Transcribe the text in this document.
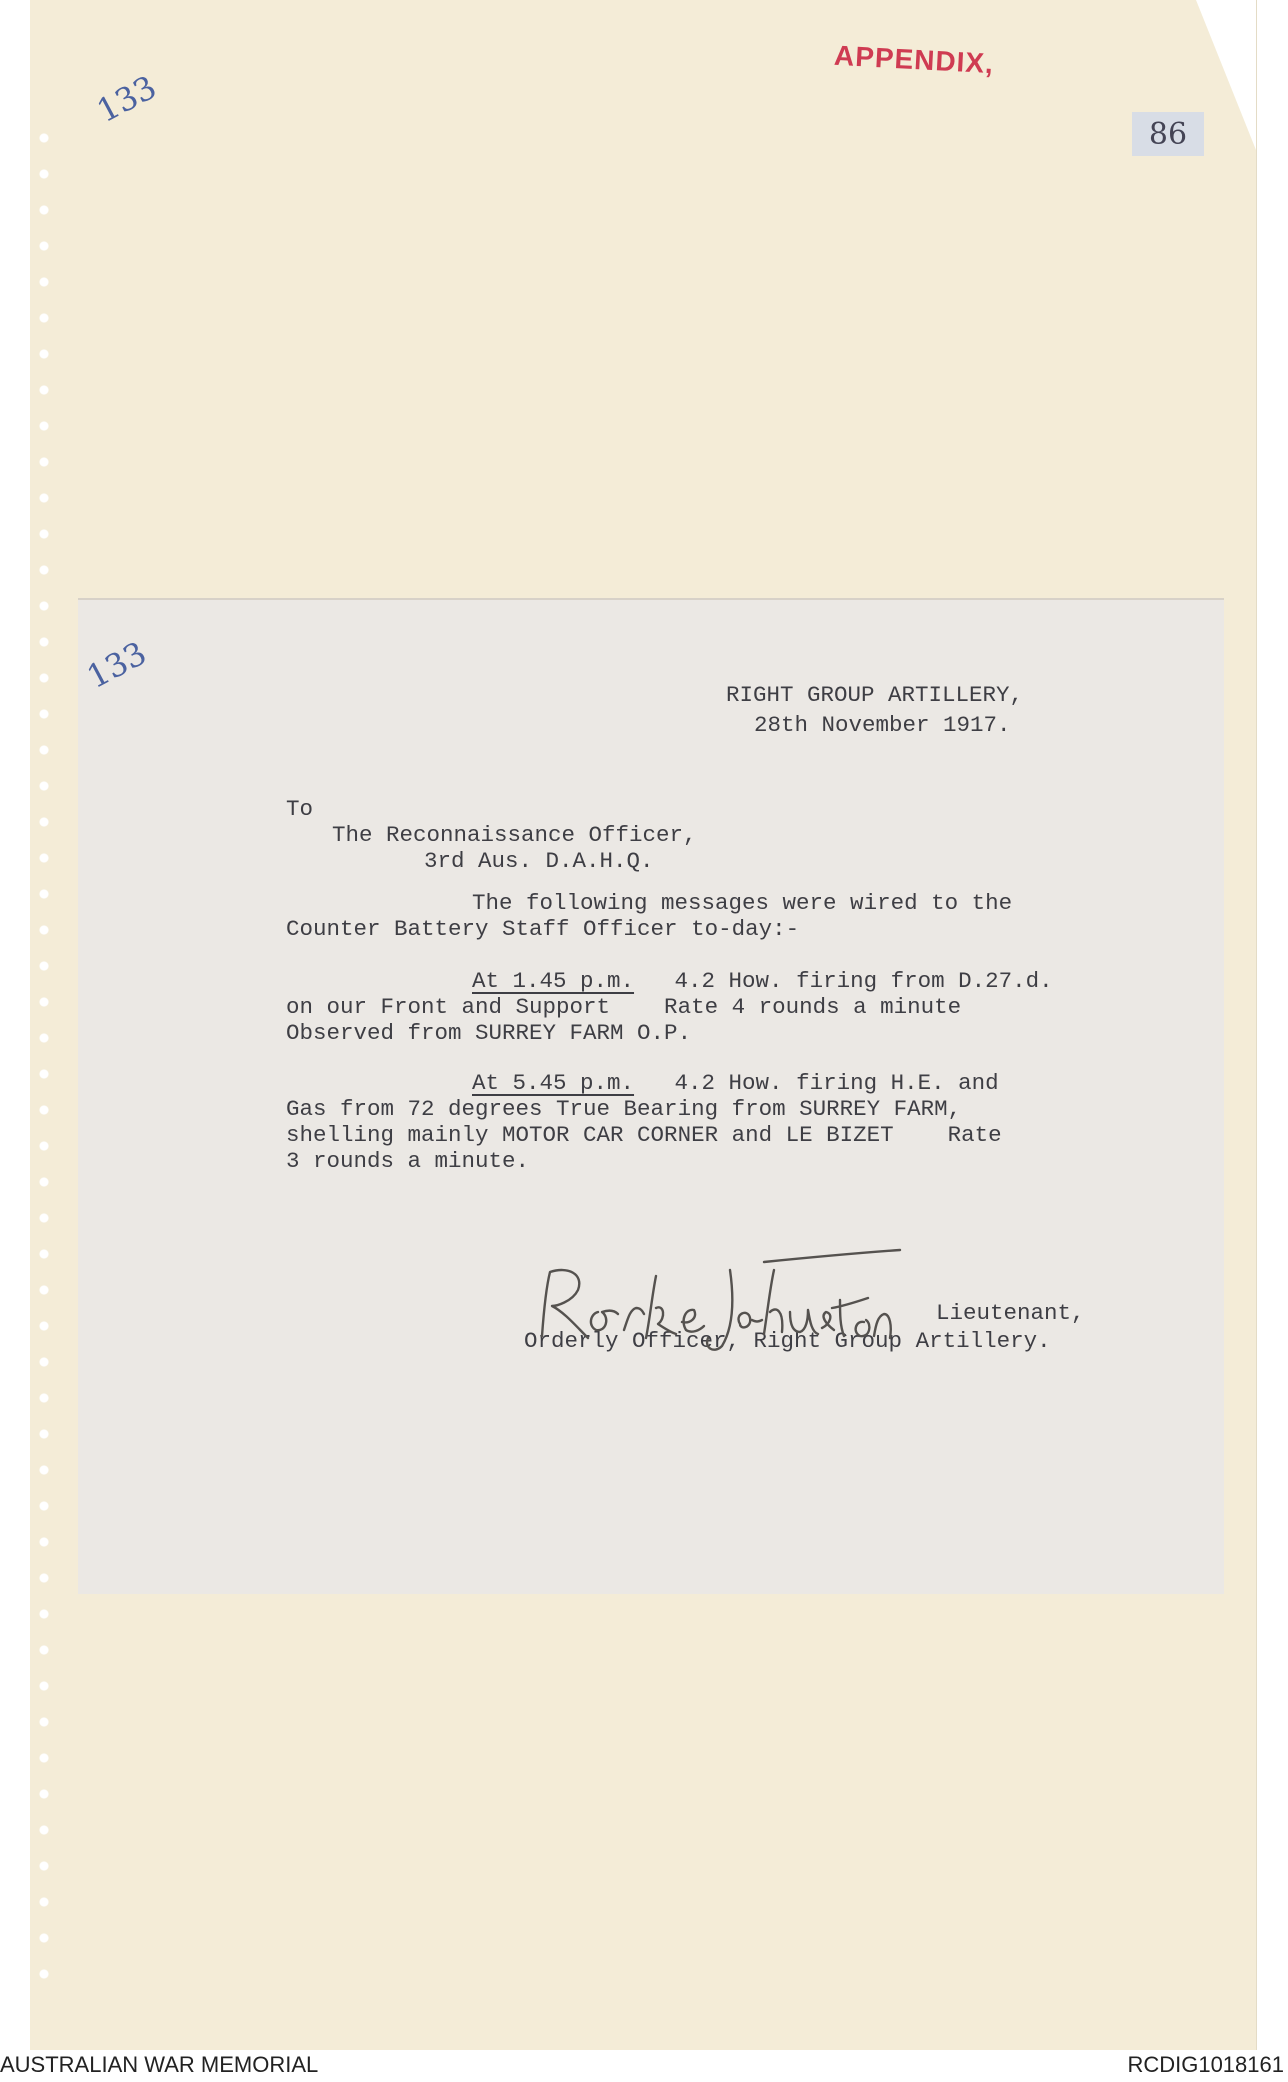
133
APPENDIX,
86
133	RIGHT GROUP ARTILLERY,
28th November 1917.
To
The Reconnaissance Officer,
3rd Aus. D.A.H.Q.
The following messages were wired to the
Counter Battery Staff Officer to-day:-
At 1.45 p.m. 4.2 How. firing from D.27.d.
on our Front and Support    Rate 4 rounds a minute
Observed from SURREY FARM O.P.
At 5.45 p.m. 4.2 How. firing H.E. and
Gas from 72 degrees True Bearing from SURREY FARM,
shelling mainly MOTOR CAR CORNER and LE BIZET    Rate
3 rounds a minute.
Lieutenant,
Orderly Officer, Right Group Artillery.
AUSTRALIAN WAR MEMORIAL	RCDIG1018161
